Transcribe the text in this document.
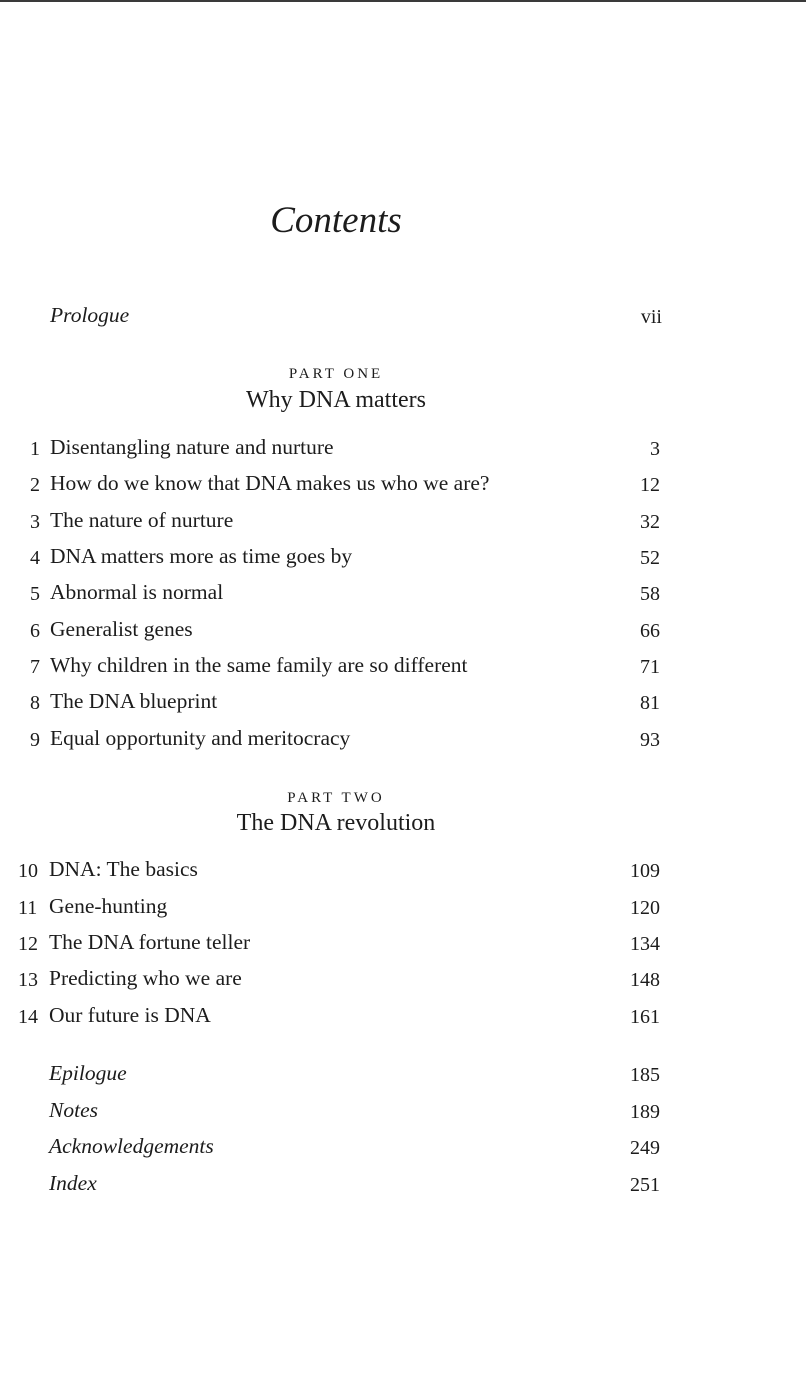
Contents
Prologue	vii
PART ONE
Why DNA matters
1 Disentangling nature and nurture	3
2 How do we know that DNA makes us who we are?	12
3 The nature of nurture	32
4 DNA matters more as time goes by	52
5 Abnormal is normal	58
6 Generalist genes	66
7 Why children in the same family are so different	71
8 The DNA blueprint	81
9 Equal opportunity and meritocracy	93
PART TWO
The DNA revolution
10 DNA: The basics	109
11 Gene-hunting	120
12 The DNA fortune teller	134
13 Predicting who we are	148
14 Our future is DNA	161
Epilogue	185
Notes	189
Acknowledgements	249
Index	251
